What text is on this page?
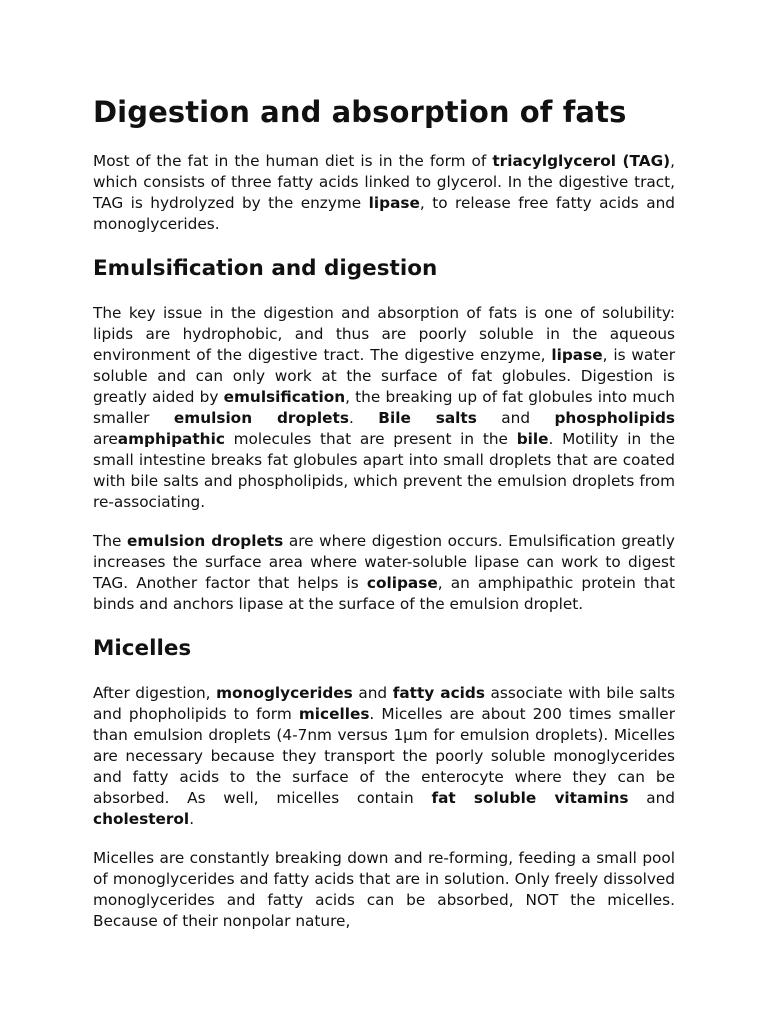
Digestion and absorption of fats

Most of the fat in the human diet is in the form of triacylglycerol (TAG), which consists of three fatty acids linked to glycerol. In the digestive tract, TAG is hydrolyzed by the enzyme lipase, to release free fatty acids and monoglycerides.

Emulsification and digestion

The key issue in the digestion and absorption of fats is one of solubility: lipids are hydrophobic, and thus are poorly soluble in the aqueous environment of the digestive tract. The digestive enzyme, lipase, is water soluble and can only work at the surface of fat globules. Digestion is greatly aided by emulsification, the breaking up of fat globules into much smaller emulsion droplets. Bile salts and phospholipids areamphipathic molecules that are present in the bile. Motility in the small intestine breaks fat globules apart into small droplets that are coated with bile salts and phospholipids, which prevent the emulsion droplets from re-associating.

The emulsion droplets are where digestion occurs. Emulsification greatly increases the surface area where water-soluble lipase can work to digest TAG. Another factor that helps is colipase, an amphipathic protein that binds and anchors lipase at the surface of the emulsion droplet.

Micelles

After digestion, monoglycerides and fatty acids associate with bile salts and phopholipids to form micelles. Micelles are about 200 times smaller than emulsion droplets (4-7nm versus 1μm for emulsion droplets). Micelles are necessary because they transport the poorly soluble monoglycerides and fatty acids to the surface of the enterocyte where they can be absorbed. As well, micelles contain fat soluble vitamins and cholesterol.

Micelles are constantly breaking down and re-forming, feeding a small pool of monoglycerides and fatty acids that are in solution. Only freely dissolved monoglycerides and fatty acids can be absorbed, NOT the micelles. Because of their nonpolar nature,
